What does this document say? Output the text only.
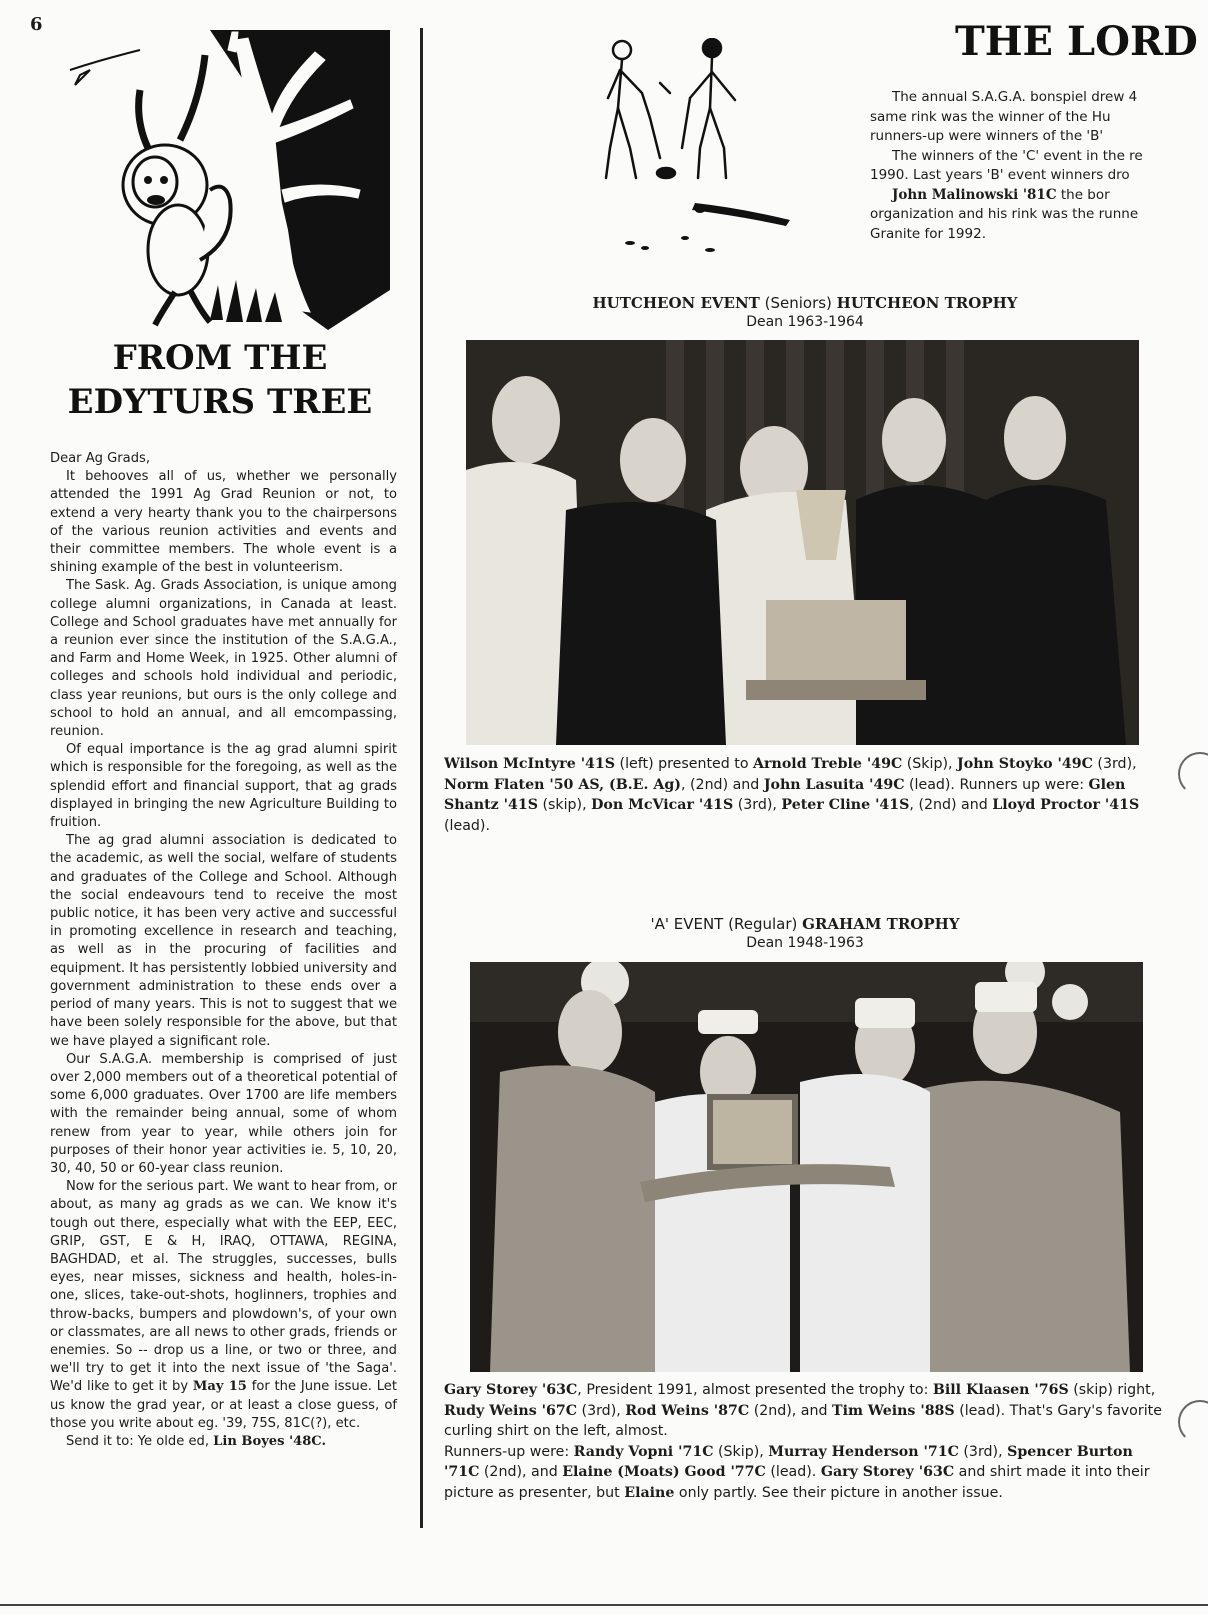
6
FROM THE
EDYTURS TREE

Dear Ag Grads,

It behooves all of us, whether we personally attended the 1991 Ag Grad Reunion or not, to extend a very hearty thank you to the chairpersons of the various reunion activities and events and their committee members. The whole event is a shining example of the best in volunteerism.

The Sask. Ag. Grads Association, is unique among college alumni organizations, in Canada at least. College and School graduates have met annually for a reunion ever since the institution of the S.A.G.A., and Farm and Home Week, in 1925. Other alumni of colleges and schools hold individual and periodic, class year reunions, but ours is the only college and school to hold an annual, and all emcompassing, reunion.

Of equal importance is the ag grad alumni spirit which is responsible for the foregoing, as well as the splendid effort and financial support, that ag grads displayed in bringing the new Agriculture Building to fruition.

The ag grad alumni association is dedicated to the academic, as well the social, welfare of students and graduates of the College and School. Although the social endeavours tend to receive the most public notice, it has been very active and successful in promoting excellence in research and teaching, as well as in the procuring of facilities and equipment. It has persistently lobbied university and government administration to these ends over a period of many years. This is not to suggest that we have been solely responsible for the above, but that we have played a significant role.

Our S.A.G.A. membership is comprised of just over 2,000 members out of a theoretical potential of some 6,000 graduates. Over 1700 are life members with the remainder being annual, some of whom renew from year to year, while others join for purposes of their honor year activities ie. 5, 10, 20, 30, 40, 50 or 60-year class reunion.

Now for the serious part. We want to hear from, or about, as many ag grads as we can. We know it's tough out there, especially what with the EEP, EEC, GRIP, GST, E & H, IRAQ, OTTAWA, REGINA, BAGHDAD, et al. The struggles, successes, bulls eyes, near misses, sickness and health, holes-in-one, slices, take-out-shots, hoglinners, trophies and throw-backs, bumpers and plowdown's, of your own or classmates, are all news to other grads, friends or enemies. So -- drop us a line, or two or three, and we'll try to get it into the next issue of 'the Saga'. We'd like to get it by May 15 for the June issue. Let us know the grad year, or at least a close guess, of those you write about eg. '39, 75S, 81C(?), etc.

Send it to: Ye olde ed, Lin Boyes '48C.

THE LORD

The annual S.A.G.A. bonspiel drew 4

same rink was the winner of the Hu

runners-up were winners of the 'B'

The winners of the 'C' event in the re

1990. Last years 'B' event winners dro

John Malinowski '81C the bor

organization and his rink was the runne

Granite for 1992.

HUTCHEON EVENT (Seniors) HUTCHEON TROPHY
Dean 1963-1964

Wilson McIntyre '41S (left) presented to Arnold Treble '49C (Skip), John Stoyko '49C (3rd), Norm Flaten '50 AS, (B.E. Ag), (2nd) and John Lasuita '49C (lead). Runners up were: Glen Shantz '41S (skip), Don McVicar '41S (3rd), Peter Cline '41S, (2nd) and Lloyd Proctor '41S (lead).

'A' EVENT (Regular) GRAHAM TROPHY
Dean 1948-1963

Gary Storey '63C, President 1991, almost presented the trophy to: Bill Klaasen '76S (skip) right, Rudy Weins '67C (3rd), Rod Weins '87C (2nd), and Tim Weins '88S (lead). That's Gary's favorite curling shirt on the left, almost.

Runners-up were: Randy Vopni '71C (Skip), Murray Henderson '71C (3rd), Spencer Burton '71C (2nd), and Elaine (Moats) Good '77C (lead). Gary Storey '63C and shirt made it into their picture as presenter, but Elaine only partly. See their picture in another issue.
